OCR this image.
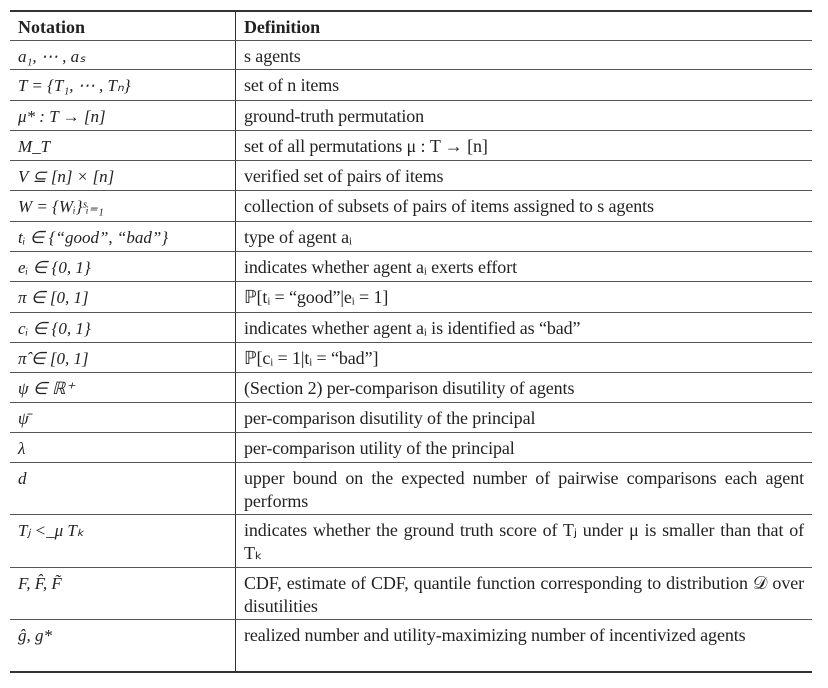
Notation	Definition
a₁, ⋯ , aₛ	s agents
T = {T₁, ⋯ , Tₙ}	set of n items
μ* : T → [n]	ground-truth permutation
M_T	set of all permutations μ : T → [n]
V ⊆ [n] × [n]	verified set of pairs of items
W = {Wᵢ}ˢᵢ₌₁	collection of subsets of pairs of items assigned to s agents
tᵢ ∈ {“good”, “bad”}	type of agent aᵢ
eᵢ ∈ {0, 1}	indicates whether agent aᵢ exerts effort
π ∈ [0, 1]	ℙ[tᵢ = “good”|eᵢ = 1]
cᵢ ∈ {0, 1}	indicates whether agent aᵢ is identified as “bad”
π̂ ∈ [0, 1]	ℙ[cᵢ = 1|tᵢ = “bad”]
ψ ∈ ℝ⁺	(Section 2) per-comparison disutility of agents
ψ̄	per-comparison disutility of the principal
λ	per-comparison utility of the principal
d	upper bound on the expected number of pairwise comparisons each agent performs
Tⱼ <_μ Tₖ	indicates whether the ground truth score of Tⱼ under μ is smaller than that of Tₖ
F, F̂, F̃	CDF, estimate of CDF, quantile function corresponding to distribution 𝒟 over disutilities
ĝ, g*	realized number and utility-maximizing number of incentivized agents
